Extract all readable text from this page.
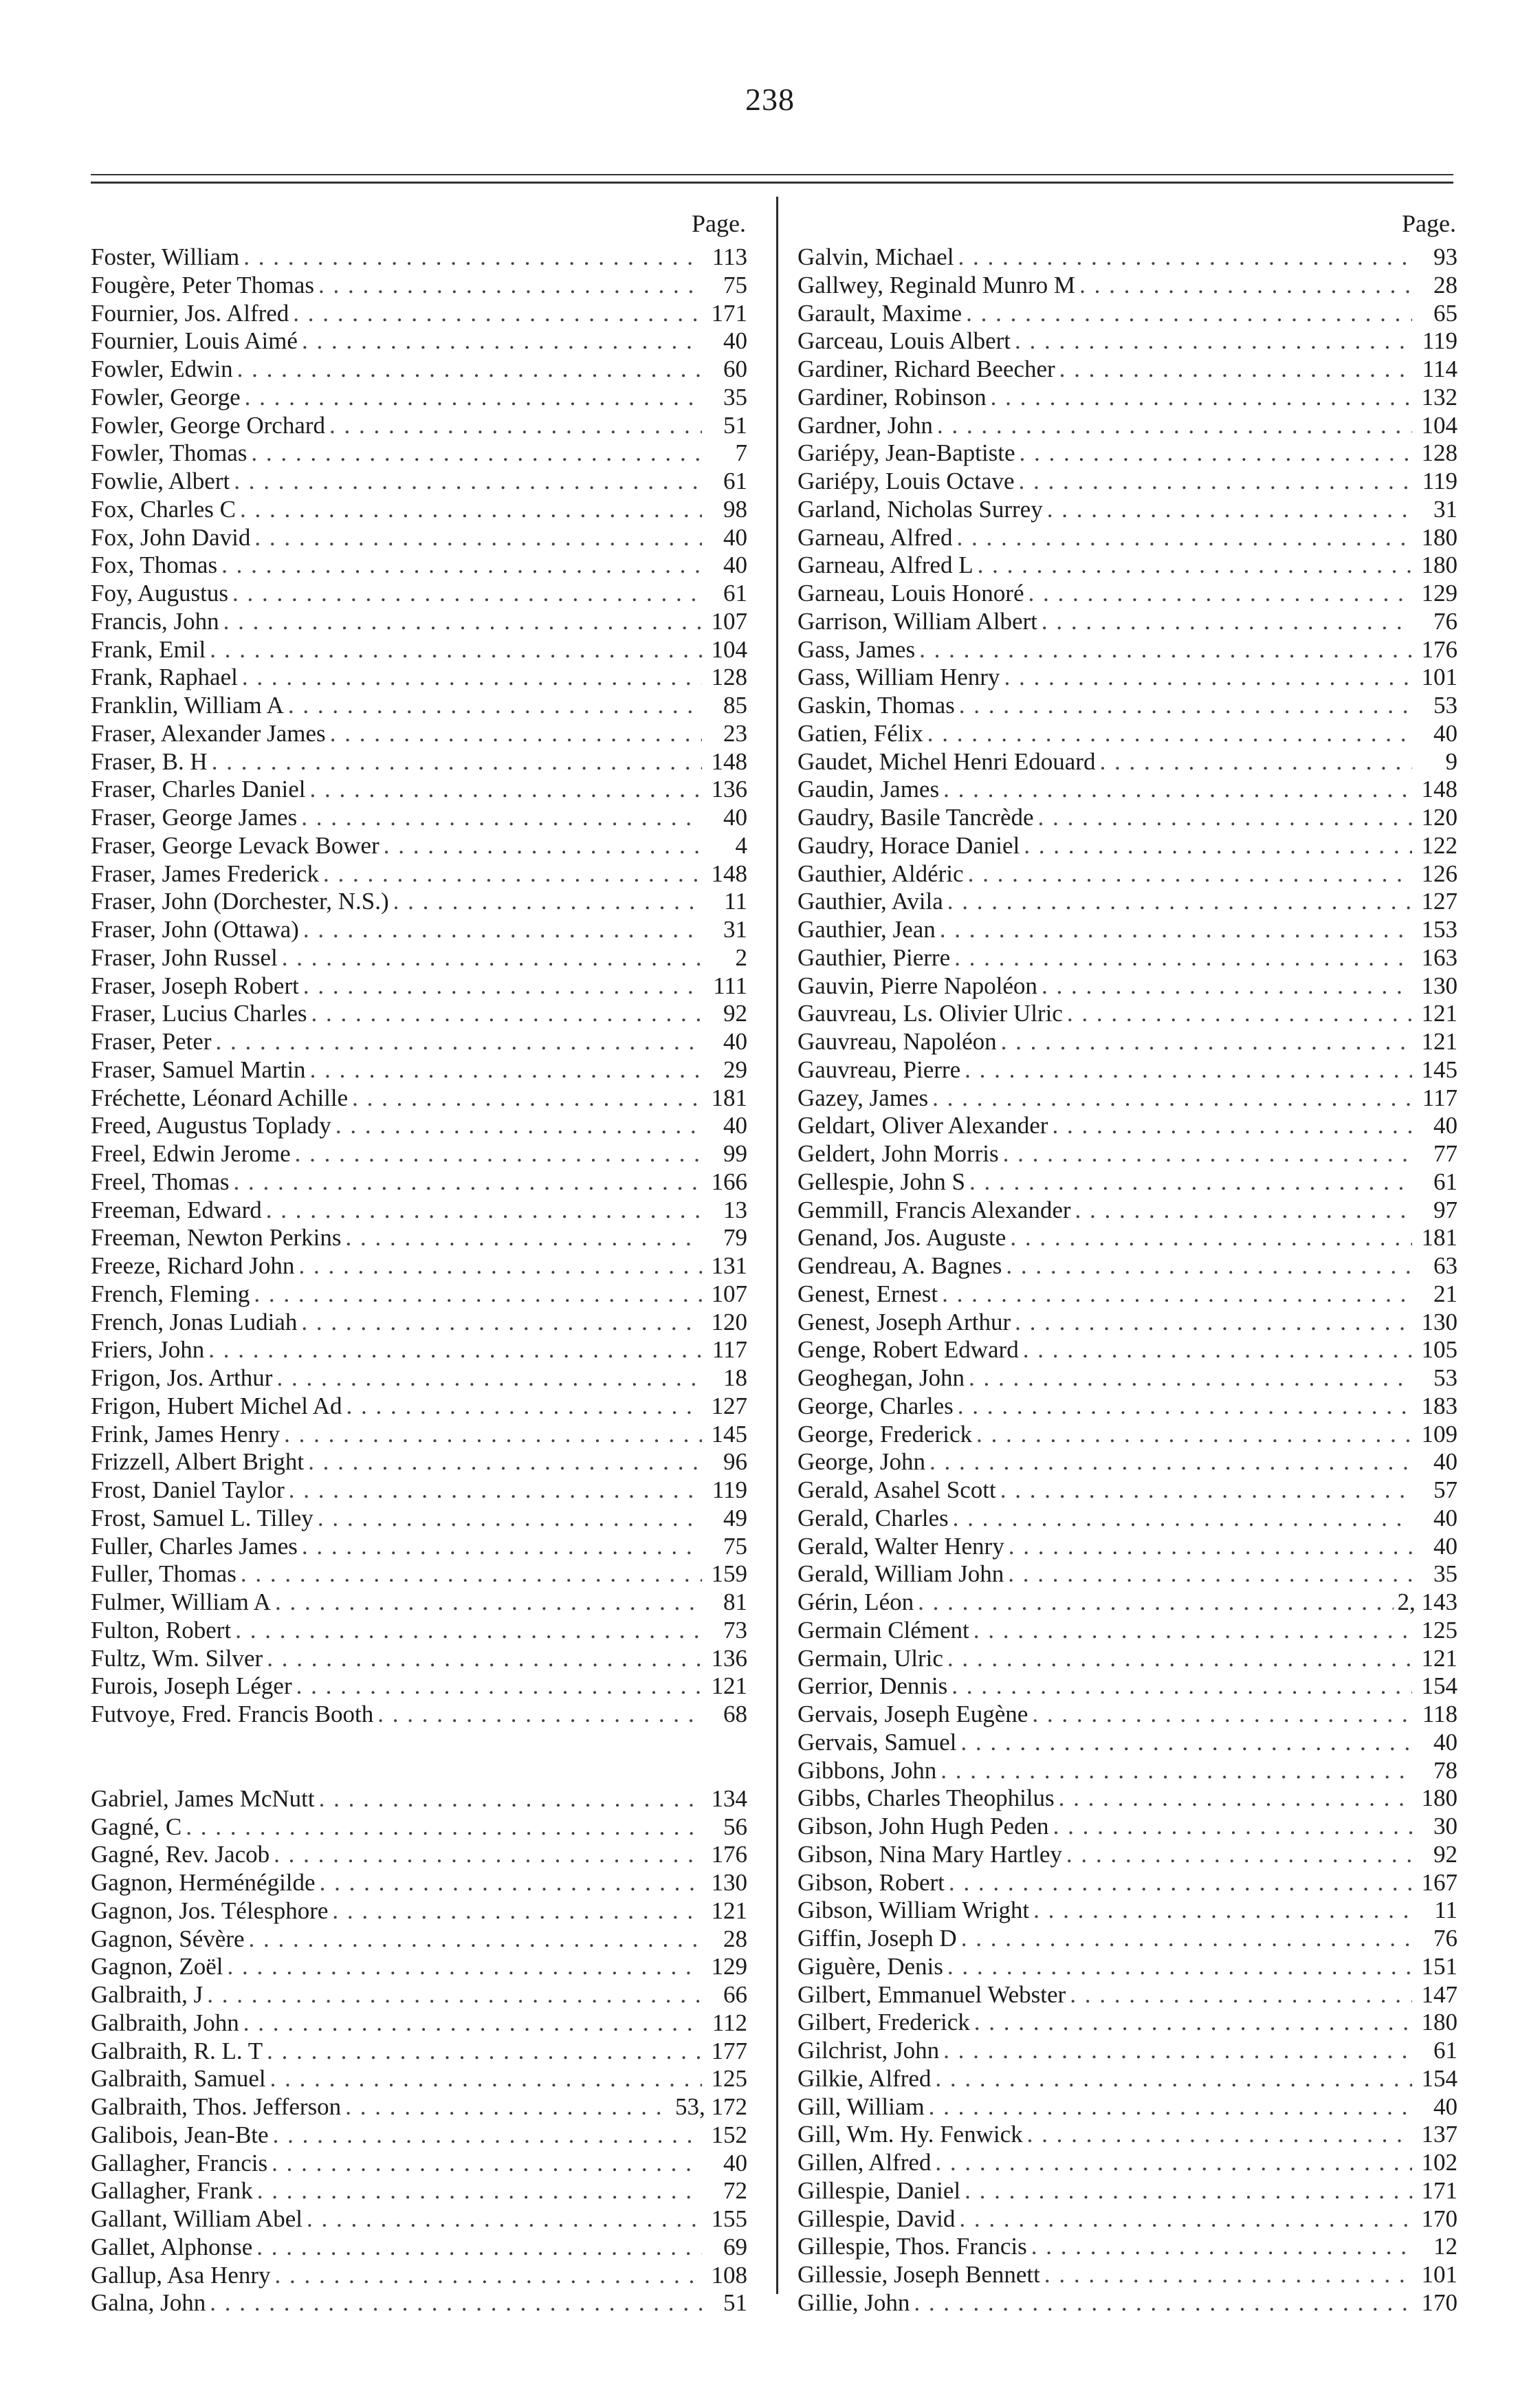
238
Page.
Foster, William . . .	113
Fougère, Peter Thomas . . .	75
Fournier, Jos. Alfred . . .	171
Fournier, Louis Aimé . . .	40
Fowler, Edwin . . .	60
Fowler, George . . .	35
Fowler, George Orchard . . .	51
Fowler, Thomas . . .	7
Fowlie, Albert . . .	61
Fox, Charles C . . .	98
Fox, John David . . .	40
Fox, Thomas . . .	40
Foy, Augustus . . .	61
Francis, John . . .	107
Frank, Emil . . .	104
Frank, Raphael . . .	128
Franklin, William A . . .	85
Fraser, Alexander James . . .	23
Fraser, B. H . . .	148
Fraser, Charles Daniel . . .	136
Fraser, George James . . .	40
Fraser, George Levack Bower . . .	4
Fraser, James Frederick . . .	148
Fraser, John (Dorchester, N.S.) . . .	11
Fraser, John (Ottawa) . . .	31
Fraser, John Russel . . .	2
Fraser, Joseph Robert . . .	111
Fraser, Lucius Charles . . .	92
Fraser, Peter . . .	40
Fraser, Samuel Martin . . .	29
Fréchette, Léonard Achille . . .	181
Freed, Augustus Toplady . . .	40
Freel, Edwin Jerome . . .	99
Freel, Thomas . . .	166
Freeman, Edward . . .	13
Freeman, Newton Perkins . . .	79
Freeze, Richard John . . .	131
French, Fleming . . .	107
French, Jonas Ludiah . . .	120
Friers, John . . .	117
Frigon, Jos. Arthur . . .	18
Frigon, Hubert Michel Ad . . .	127
Frink, James Henry . . .	145
Frizzell, Albert Bright . . .	96
Frost, Daniel Taylor . . .	119
Frost, Samuel L. Tilley . . .	49
Fuller, Charles James . . .	75
Fuller, Thomas . . .	159
Fulmer, William A . . .	81
Fulton, Robert . . .	73
Fultz, Wm. Silver . . .	136
Furois, Joseph Léger . . .	121
Futvoye, Fred. Francis Booth . . .	68
Gabriel, James McNutt . . .	134
Gagné, C . . .	56
Gagné, Rev. Jacob . . .	176
Gagnon, Herménégilde . . .	130
Gagnon, Jos. Télesphore . . .	121
Gagnon, Sévère . . .	28
Gagnon, Zoël . . .	129
Galbraith, J . . .	66
Galbraith, John . . .	112
Galbraith, R. L. T . . .	177
Galbraith, Samuel . . .	125
Galbraith, Thos. Jefferson . . .	53, 172
Galibois, Jean-Bte . . .	152
Gallagher, Francis . . .	40
Gallagher, Frank . . .	72
Gallant, William Abel . . .	155
Gallet, Alphonse . . .	69
Gallup, Asa Henry . . .	108
Galna, John . . .	51
Page.
Galvin, Michael . . .	93
Gallwey, Reginald Munro M . . .	28
Garault, Maxime . . .	65
Garceau, Louis Albert . . .	119
Gardiner, Richard Beecher . . .	114
Gardiner, Robinson . . .	132
Gardner, John . . .	104
Gariépy, Jean-Baptiste . . .	128
Gariépy, Louis Octave . . .	119
Garland, Nicholas Surrey . . .	31
Garneau, Alfred . . .	180
Garneau, Alfred L . . .	180
Garneau, Louis Honoré . . .	129
Garrison, William Albert . . .	76
Gass, James . . .	176
Gass, William Henry . . .	101
Gaskin, Thomas . . .	53
Gatien, Félix . . .	40
Gaudet, Michel Henri Edouard . . .	9
Gaudin, James . . .	148
Gaudry, Basile Tancrède . . .	120
Gaudry, Horace Daniel . . .	122
Gauthier, Aldéric . . .	126
Gauthier, Avila . . .	127
Gauthier, Jean . . .	153
Gauthier, Pierre . . .	163
Gauvin, Pierre Napoléon . . .	130
Gauvreau, Ls. Olivier Ulric . . .	121
Gauvreau, Napoléon . . .	121
Gauvreau, Pierre . . .	145
Gazey, James . . .	117
Geldart, Oliver Alexander . . .	40
Geldert, John Morris . . .	77
Gellespie, John S . . .	61
Gemmill, Francis Alexander . . .	97
Genand, Jos. Auguste . . .	181
Gendreau, A. Bagnes . . .	63
Genest, Ernest . . .	21
Genest, Joseph Arthur . . .	130
Genge, Robert Edward . . .	105
Geoghegan, John . . .	53
George, Charles . . .	183
George, Frederick . . .	109
George, John . . .	40
Gerald, Asahel Scott . . .	57
Gerald, Charles . . .	40
Gerald, Walter Henry . . .	40
Gerald, William John . . .	35
Gérin, Léon . . .	2, 143
Germain Clément . . .	125
Germain, Ulric . . .	121
Gerrior, Dennis . . .	154
Gervais, Joseph Eugène . . .	118
Gervais, Samuel . . .	40
Gibbons, John . . .	78
Gibbs, Charles Theophilus . . .	180
Gibson, John Hugh Peden . . .	30
Gibson, Nina Mary Hartley . . .	92
Gibson, Robert . . .	167
Gibson, William Wright . . .	11
Giffin, Joseph D . . .	76
Giguère, Denis . . .	151
Gilbert, Emmanuel Webster . . .	147
Gilbert, Frederick . . .	180
Gilchrist, John . . .	61
Gilkie, Alfred . . .	154
Gill, William . . .	40
Gill, Wm. Hy. Fenwick . . .	137
Gillen, Alfred . . .	102
Gillespie, Daniel . . .	171
Gillespie, David . . .	170
Gillespie, Thos. Francis . . .	12
Gillessie, Joseph Bennett . . .	101
Gillie, John . . .	170
